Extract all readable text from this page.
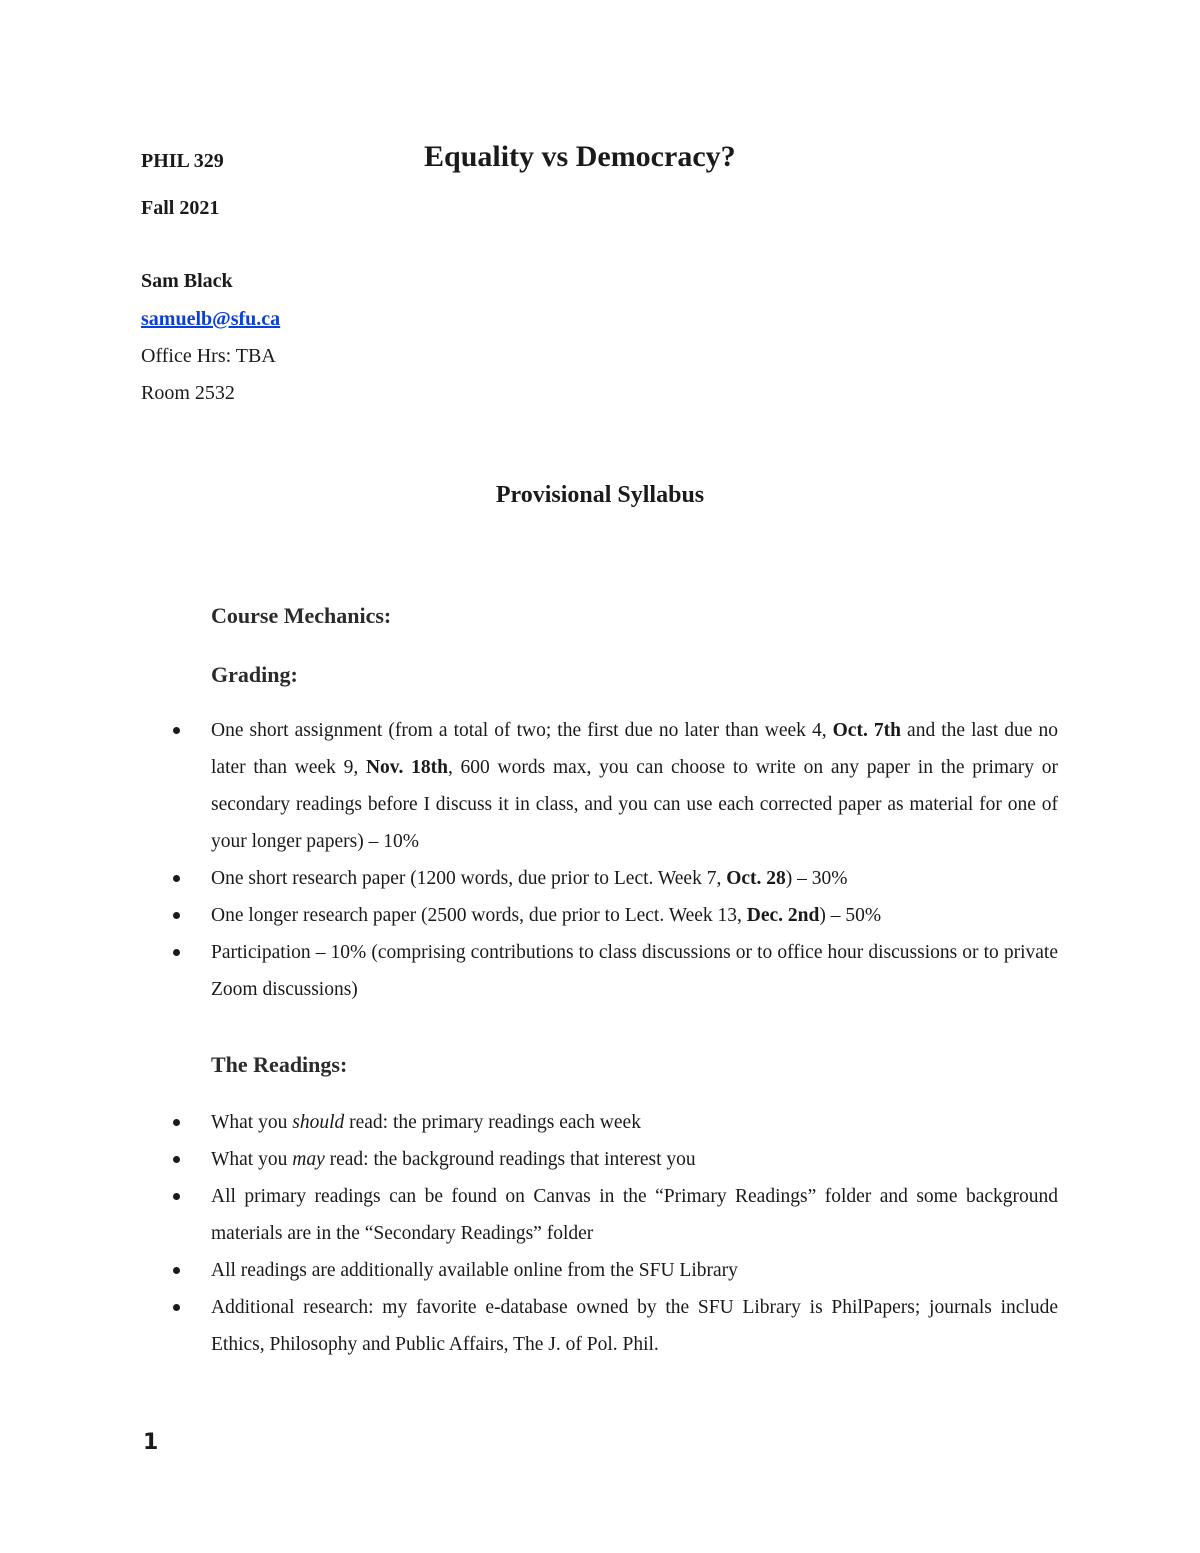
PHIL 329	Equality vs Democracy?
Fall 2021
Sam Black
samuelb@sfu.ca
Office Hrs: TBA
Room 2532
Provisional Syllabus
Course Mechanics:
Grading:
One short assignment (from a total of two; the first due no later than week 4, Oct. 7th and the last due no later than week 9, Nov. 18th, 600 words max, you can choose to write on any paper in the primary or secondary readings before I discuss it in class, and you can use each corrected paper as material for one of your longer papers) – 10%
One short research paper (1200 words, due prior to Lect. Week 7, Oct. 28) – 30%
One longer research paper (2500 words, due prior to Lect. Week 13, Dec. 2nd) – 50%
Participation – 10% (comprising contributions to class discussions or to office hour discussions or to private Zoom discussions)
The Readings:
What you should read: the primary readings each week
What you may read: the background readings that interest you
All primary readings can be found on Canvas in the “Primary Readings” folder and some background materials are in the “Secondary Readings” folder
All readings are additionally available online from the SFU Library
Additional research: my favorite e-database owned by the SFU Library is PhilPapers; journals include Ethics, Philosophy and Public Affairs, The J. of Pol. Phil.
1
